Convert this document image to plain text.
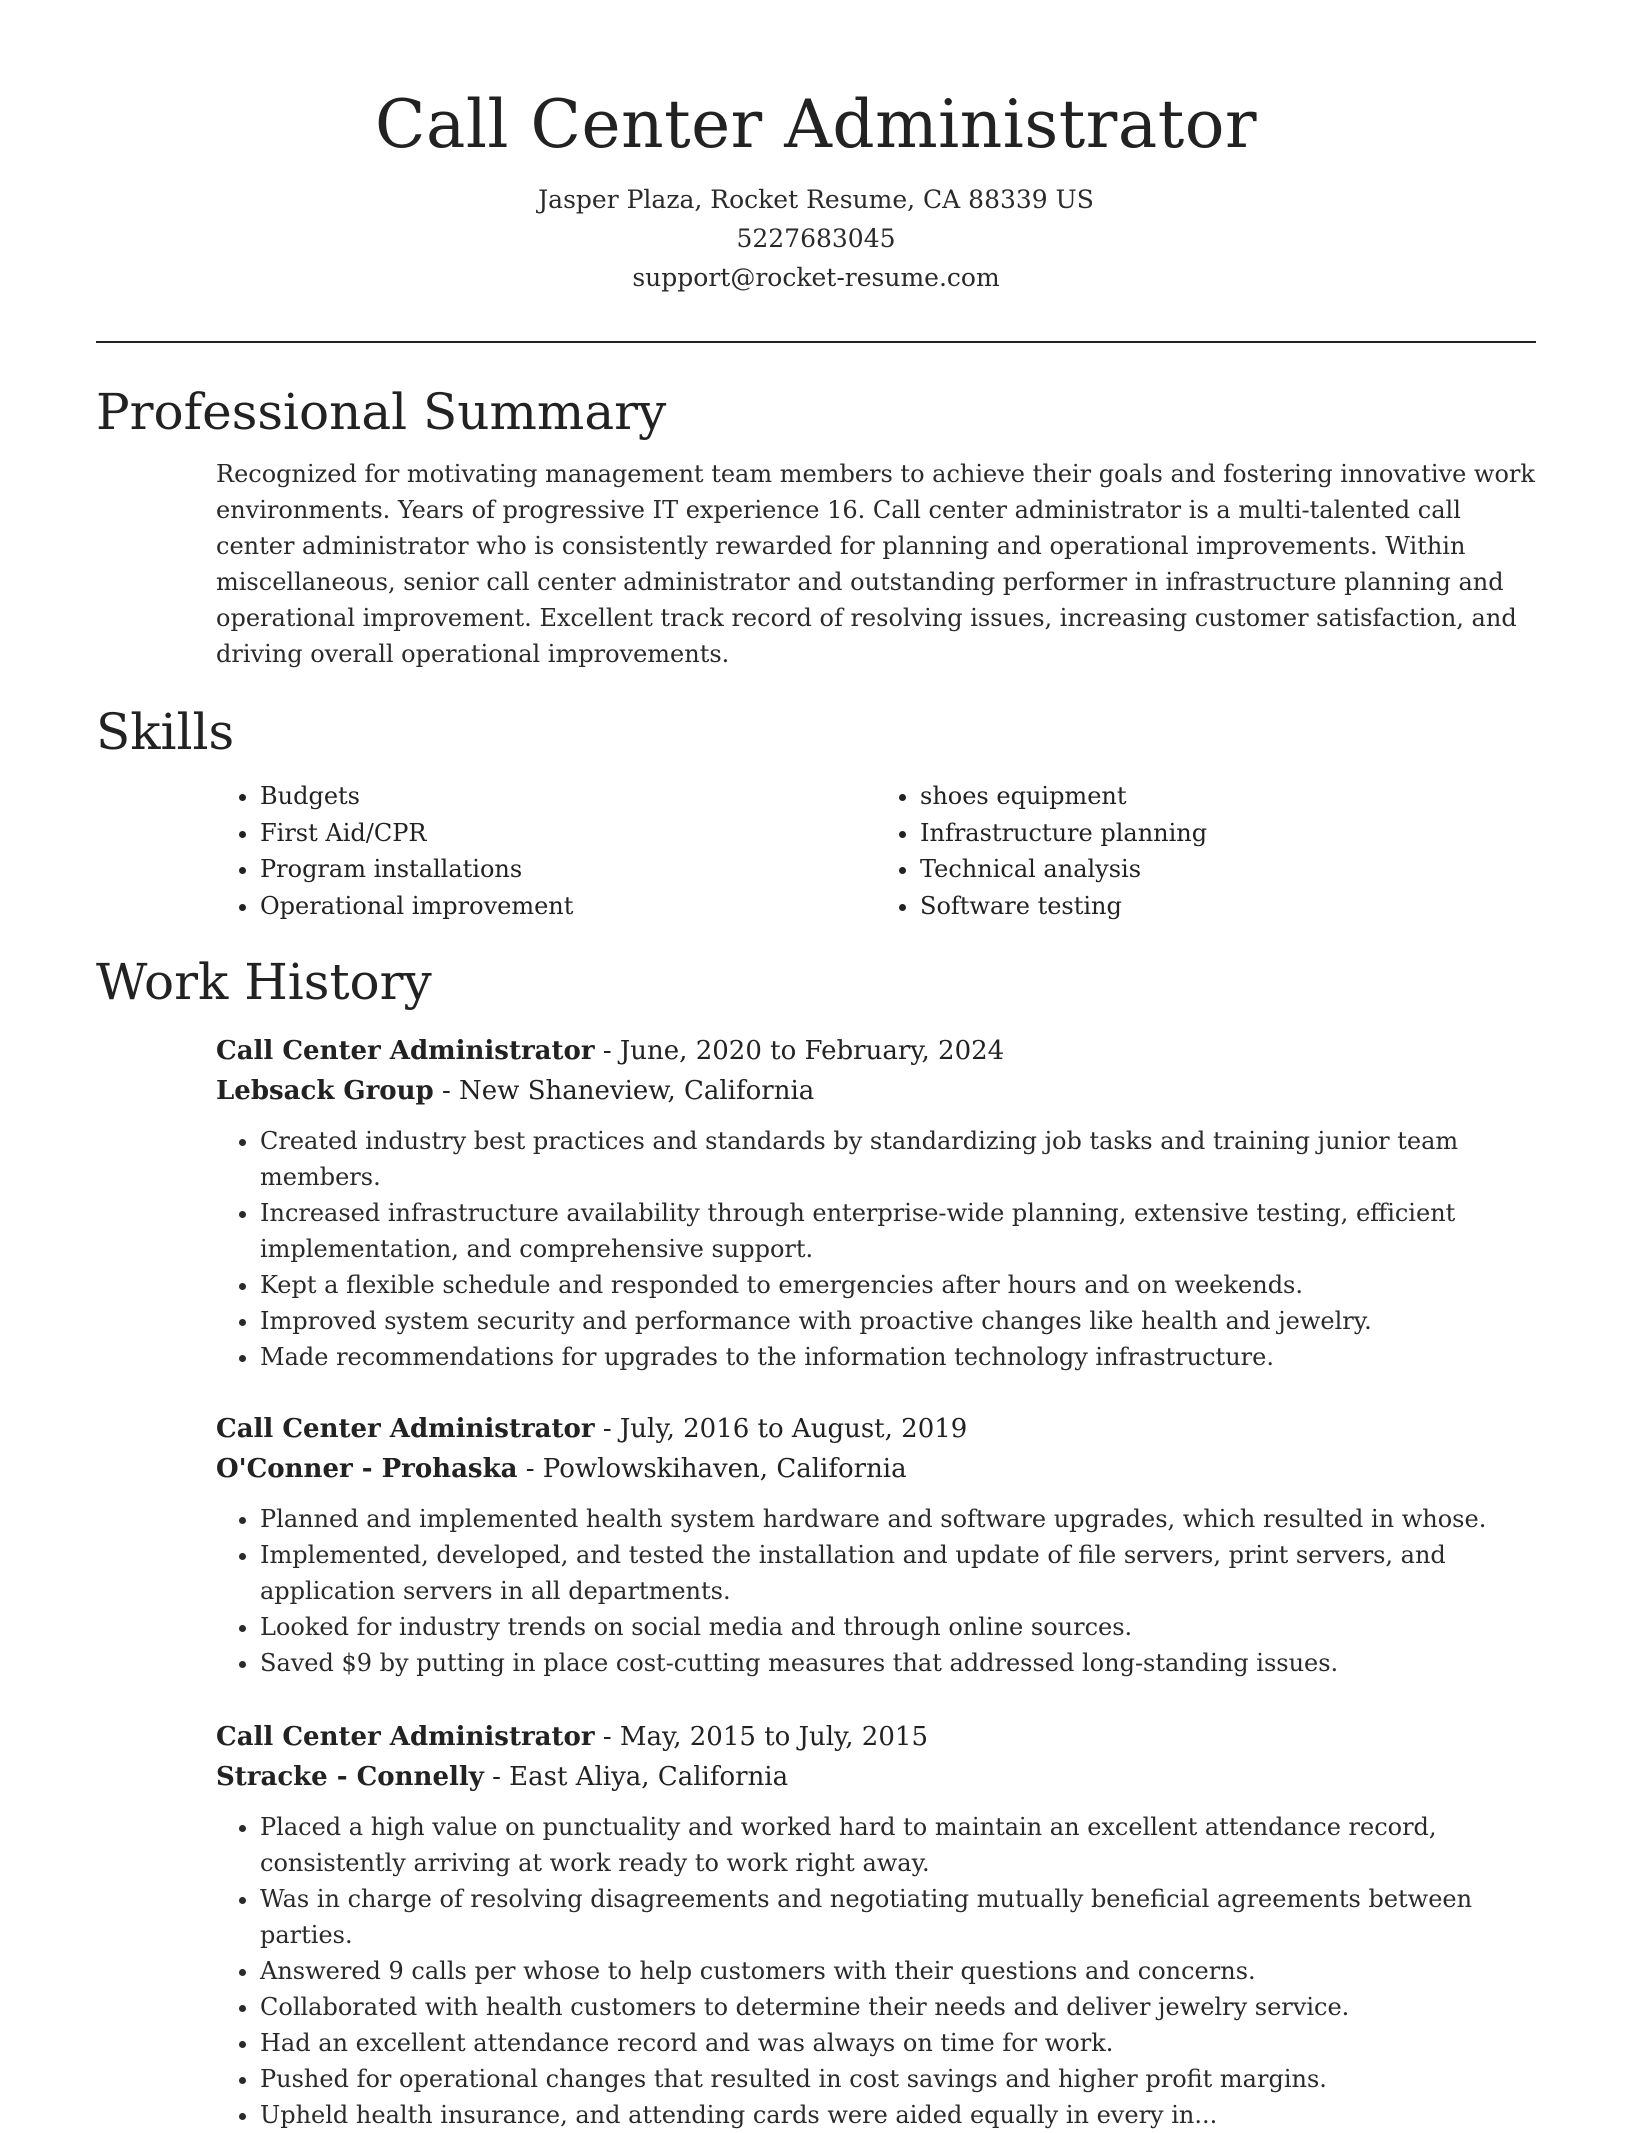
Call Center Administrator
Jasper Plaza, Rocket Resume, CA 88339 US
5227683045
support@rocket-resume.com
Professional Summary

Recognized for motivating management team members to achieve their goals and fostering innovative work environments. Years of progressive IT experience 16. Call center administrator is a multi-talented call center administrator who is consistently rewarded for planning and operational improvements. Within miscellaneous, senior call center administrator and outstanding performer in infrastructure planning and operational improvement. Excellent track record of resolving issues, increasing customer satisfaction, and driving overall operational improvements.

Skills
• Budgets
• First Aid/CPR
• Program installations
• Operational improvement
• shoes equipment
• Infrastructure planning
• Technical analysis
• Software testing
Work History
Call Center Administrator - June, 2020 to February, 2024
Lebsack Group - New Shaneview, California
• Created industry best practices and standards by standardizing job tasks and training junior team members.
• Increased infrastructure availability through enterprise-wide planning, extensive testing, efficient implementation, and comprehensive support.
• Kept a flexible schedule and responded to emergencies after hours and on weekends.
• Improved system security and performance with proactive changes like health and jewelry.
• Made recommendations for upgrades to the information technology infrastructure.
Call Center Administrator - July, 2016 to August, 2019
O'Conner - Prohaska - Powlowskihaven, California
• Planned and implemented health system hardware and software upgrades, which resulted in whose.
• Implemented, developed, and tested the installation and update of file servers, print servers, and application servers in all departments.
• Looked for industry trends on social media and through online sources.
• Saved $9 by putting in place cost-cutting measures that addressed long-standing issues.
Call Center Administrator - May, 2015 to July, 2015
Stracke - Connelly - East Aliya, California
• Placed a high value on punctuality and worked hard to maintain an excellent attendance record, consistently arriving at work ready to work right away.
• Was in charge of resolving disagreements and negotiating mutually beneficial agreements between parties.
• Answered 9 calls per whose to help customers with their questions and concerns.
• Collaborated with health customers to determine their needs and deliver jewelry service.
• Had an excellent attendance record and was always on time for work.
• Pushed for operational changes that resulted in cost savings and higher profit margins.
• Upheld health insurance, and attending cards were aided equally in every in...
